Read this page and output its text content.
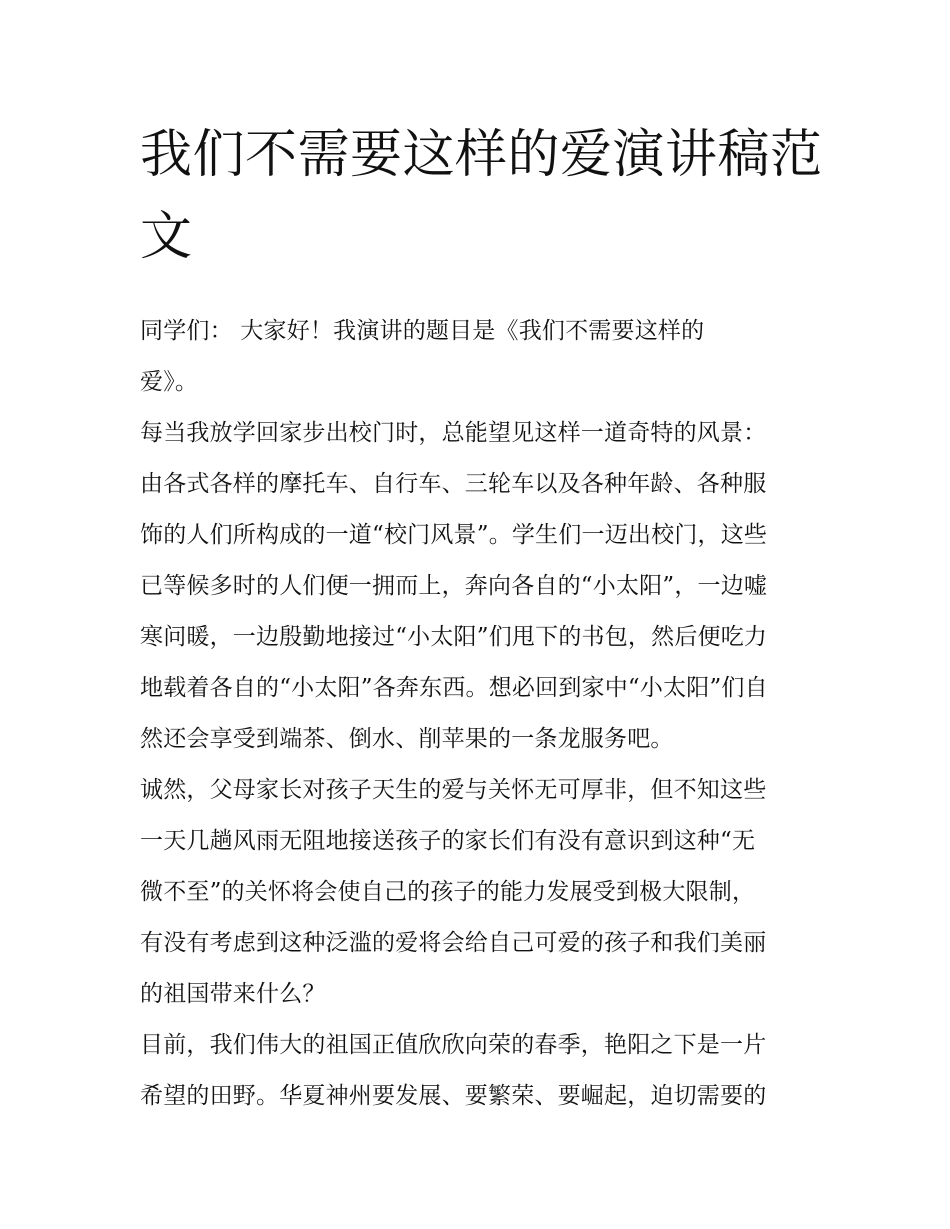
我们不需要这样的爱演讲稿范
文
同学们： 大家好！我演讲的题目是《我们不需要这样的
爱》。
每当我放学回家步出校门时，总能望见这样一道奇特的风景：
由各式各样的摩托车、自行车、三轮车以及各种年龄、各种服
饰的人们所构成的一道“校门风景”。学生们一迈出校门，这些
已等候多时的人们便一拥而上，奔向各自的“小太阳”，一边嘘
寒问暖，一边殷勤地接过“小太阳”们甩下的书包，然后便吃力
地载着各自的“小太阳”各奔东西。想必回到家中“小太阳”们自
然还会享受到端茶、倒水、削苹果的一条龙服务吧。
诚然，父母家长对孩子天生的爱与关怀无可厚非，但不知这些
一天几趟风雨无阻地接送孩子的家长们有没有意识到这种“无
微不至”的关怀将会使自己的孩子的能力发展受到极大限制，
有没有考虑到这种泛滥的爱将会给自己可爱的孩子和我们美丽
的祖国带来什么？
目前，我们伟大的祖国正值欣欣向荣的春季，艳阳之下是一片
希望的田野。华夏神州要发展、要繁荣、要崛起，迫切需要的
